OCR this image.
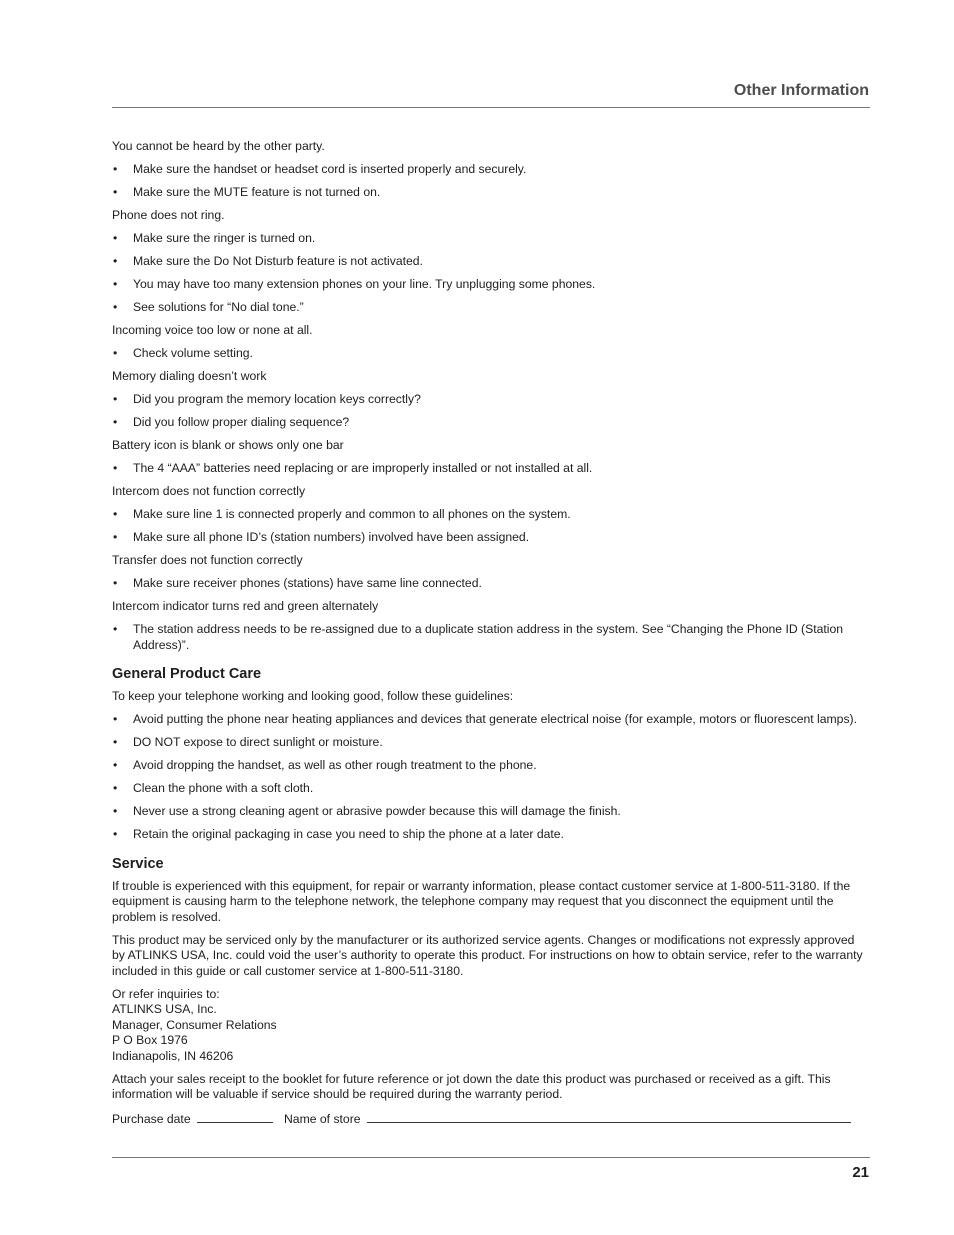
Other Information
You cannot be heard by the other party.
• Make sure the handset or headset cord is inserted properly and securely.
• Make sure the MUTE feature is not turned on.
Phone does not ring.
• Make sure the ringer is turned on.
• Make sure the Do Not Disturb feature is not activated.
• You may have too many extension phones on your line. Try unplugging some phones.
• See solutions for “No dial tone.”
Incoming voice too low or none at all.
• Check volume setting.
Memory dialing doesn’t work
• Did you program the memory location keys correctly?
• Did you follow proper dialing sequence?
Battery icon is blank or shows only one bar
• The 4 “AAA” batteries need replacing or are improperly installed or not installed at all.
Intercom does not function correctly
• Make sure line 1 is connected properly and common to all phones on the system.
• Make sure all phone ID’s (station numbers) involved have been assigned.
Transfer does not function correctly
• Make sure receiver phones (stations) have same line connected.
Intercom indicator turns red and green alternately
• The station address needs to be re-assigned due to a duplicate station address in the system. See “Changing the Phone ID (Station Address)”.
General Product Care

To keep your telephone working and looking good, follow these guidelines:

• Avoid putting the phone near heating appliances and devices that generate electrical noise (for example, motors or fluorescent lamps).
• DO NOT expose to direct sunlight or moisture.
• Avoid dropping the handset, as well as other rough treatment to the phone.
• Clean the phone with a soft cloth.
• Never use a strong cleaning agent or abrasive powder because this will damage the finish.
• Retain the original packaging in case you need to ship the phone at a later date.
Service

If trouble is experienced with this equipment, for repair or warranty information, please contact customer service at 1-800-511-3180. If the equipment is causing harm to the telephone network, the telephone company may request that you disconnect the equipment until the problem is resolved.

This product may be serviced only by the manufacturer or its authorized service agents. Changes or modifications not expressly approved by ATLINKS USA, Inc. could void the user’s authority to operate this product. For instructions on how to obtain service, refer to the warranty included in this guide or call customer service at 1-800-511-3180.

Or refer inquiries to:
ATLINKS USA, Inc.
Manager, Consumer Relations
P O Box 1976
Indianapolis, IN 46206

Attach your sales receipt to the booklet for future reference or jot down the date this product was purchased or received as a gift. This information will be valuable if service should be required during the warranty period.

Purchase date	Name of store
21
